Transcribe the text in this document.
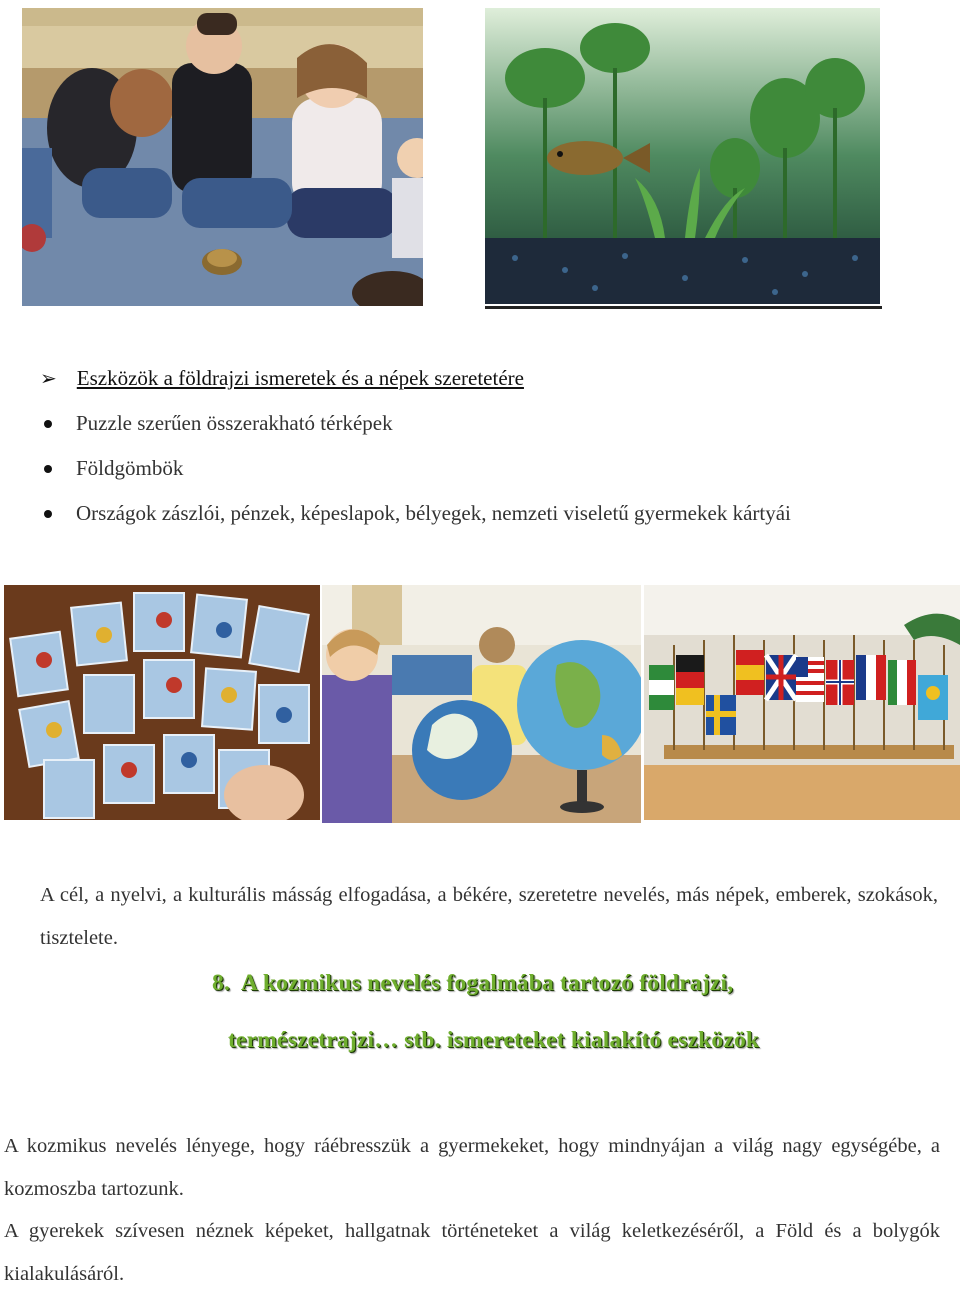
➢ Eszközök a földrajzi ismeretek és a népek szeretetére
Puzzle szerűen összerakható térképek
Földgömbök
Országok zászlói, pénzek, képeslapok, bélyegek, nemzeti viseletű gyermekek kártyái

A cél, a nyelvi, a kulturális másság elfogadása, a békére, szeretetre nevelés, más népek, emberek, szokások, tisztelete.

8. A kozmikus nevelés fogalmába tartozó földrajzi,
természetrajzi… stb. ismereteket kialakító eszközök

A kozmikus nevelés lényege, hogy ráébresszük a gyermekeket, hogy mindnyájan a világ nagy egységébe, a kozmoszba tartozunk.

A gyerekek szívesen néznek képeket, hallgatnak történeteket a világ keletkezéséről, a Föld és a bolygók kialakulásáról.
